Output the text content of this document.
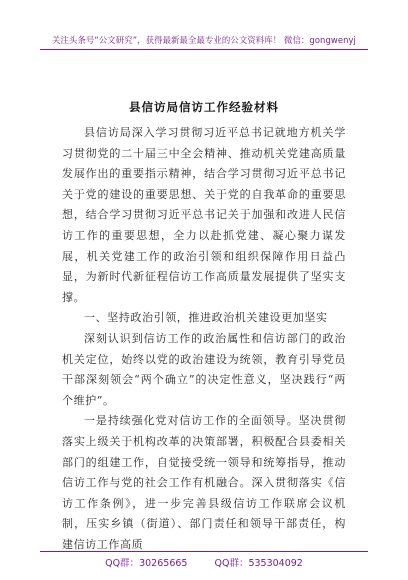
关注头条号“公文研究”，获得最新最全最专业的公文资料库！ 微信：gongwenyj
县信访局信访工作经验材料

县信访局深入学习贯彻习近平总书记就地方机关学习贯彻党的二十届三中全会精神、推动机关党建高质量发展作出的重要指示精神，结合学习贯彻习近平总书记关于党的建设的重要思想、关于党的自我革命的重要思想，结合学习贯彻习近平总书记关于加强和改进人民信访工作的重要思想，全力以赴抓党建、凝心聚力谋发展，机关党建工作的政治引领和组织保障作用日益凸显，为新时代新征程信访工作高质量发展提供了坚实支撑。

一、坚持政治引领，推进政治机关建设更加坚实

深刻认识到信访工作的政治属性和信访部门的政治机关定位，始终以党的政治建设为统领，教育引导党员干部深刻领会“两个确立”的决定性意义，坚决践行“两个维护”。

一是持续强化党对信访工作的全面领导。坚决贯彻落实上级关于机构改革的决策部署，积极配合县委相关部门的组建工作，自觉接受统一领导和统筹指导，推动信访工作与党的社会工作有机融合。深入贯彻落实《信访工作条例》，进一步完善县级信访工作联席会议机制，压实乡镇（街道）、部门责任和领导干部责任，构建信访工作高质

QQ群：30265665	QQ群：535304092
